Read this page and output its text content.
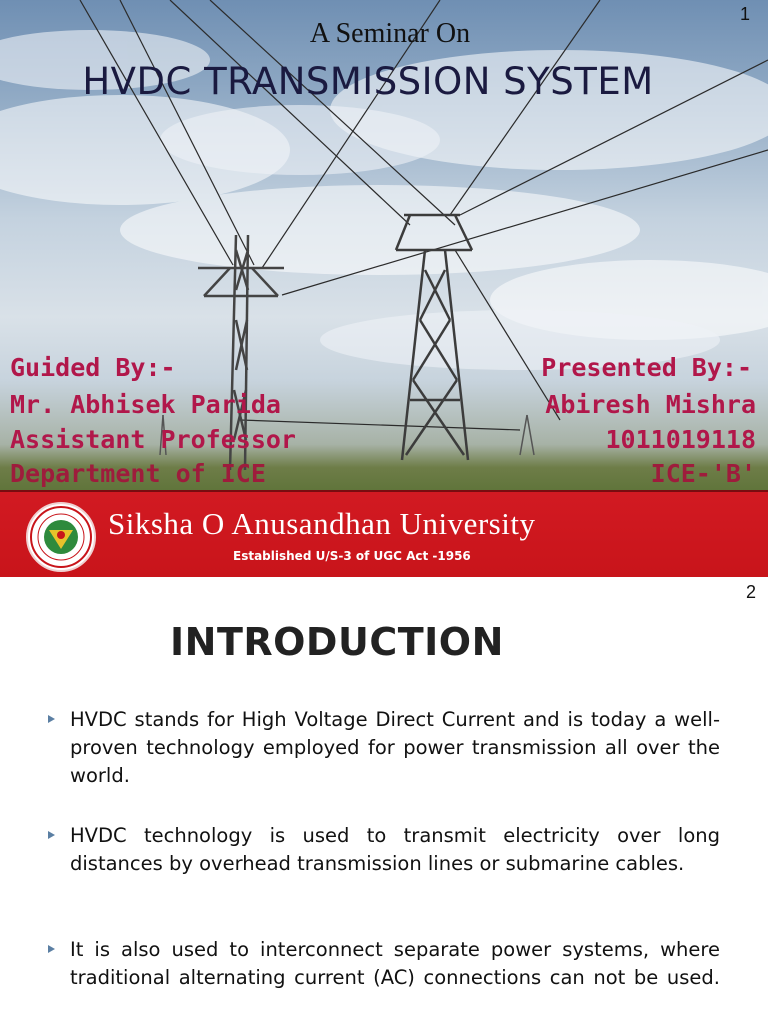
1
A Seminar On
HVDC TRANSMISSION SYSTEM
Guided By:-
Mr. Abhisek Parida
Assistant Professor
Department of ICE
Presented By:-
Abiresh Mishra
1011019118
ICE-'B'
Siksha O Anusandhan University
Established U/S-3 of UGC Act -1956
2
INTRODUCTION
HVDC stands for High Voltage Direct Current and is today a well-proven technology employed for power transmission all over the world.
HVDC technology is used to transmit electricity over long distances by overhead transmission lines or submarine cables.
It is also used to interconnect separate power systems, where traditional alternating current (AC) connections can not be used.
